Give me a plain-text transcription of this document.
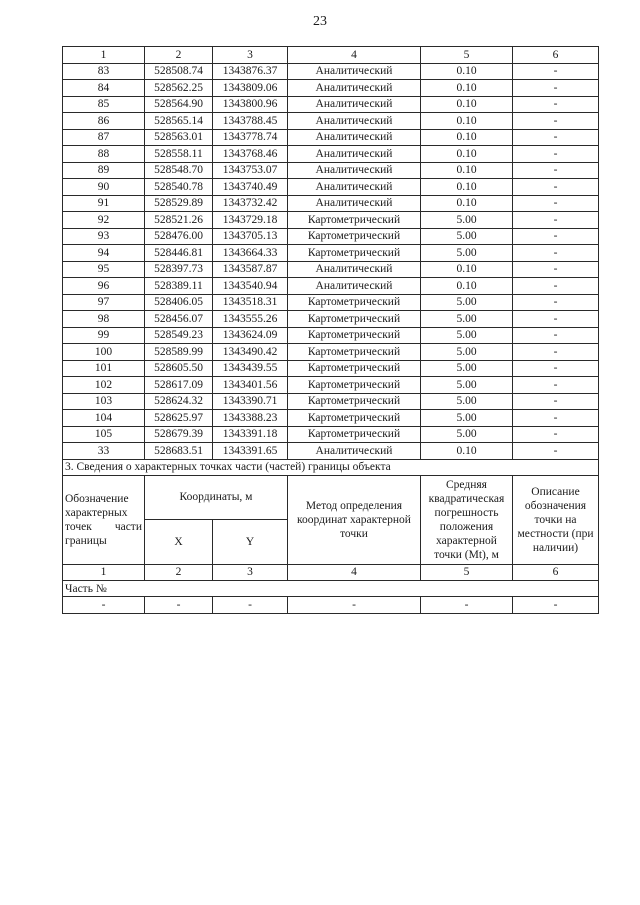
23
1	2	3	4	5	6
83	528508.74	1343876.37	Аналитический	0.10	-
84	528562.25	1343809.06	Аналитический	0.10	-
85	528564.90	1343800.96	Аналитический	0.10	-
86	528565.14	1343788.45	Аналитический	0.10	-
87	528563.01	1343778.74	Аналитический	0.10	-
88	528558.11	1343768.46	Аналитический	0.10	-
89	528548.70	1343753.07	Аналитический	0.10	-
90	528540.78	1343740.49	Аналитический	0.10	-
91	528529.89	1343732.42	Аналитический	0.10	-
92	528521.26	1343729.18	Картометрический	5.00	-
93	528476.00	1343705.13	Картометрический	5.00	-
94	528446.81	1343664.33	Картометрический	5.00	-
95	528397.73	1343587.87	Аналитический	0.10	-
96	528389.11	1343540.94	Аналитический	0.10	-
97	528406.05	1343518.31	Картометрический	5.00	-
98	528456.07	1343555.26	Картометрический	5.00	-
99	528549.23	1343624.09	Картометрический	5.00	-
100	528589.99	1343490.42	Картометрический	5.00	-
101	528605.50	1343439.55	Картометрический	5.00	-
102	528617.09	1343401.56	Картометрический	5.00	-
103	528624.32	1343390.71	Картометрический	5.00	-
104	528625.97	1343388.23	Картометрический	5.00	-
105	528679.39	1343391.18	Картометрический	5.00	-
33	528683.51	1343391.65	Аналитический	0.10	-
3. Сведения о характерных точках части (частей) границы объекта					
Обозначение характерных точек части границы	Координаты, м		Метод определения координат характерной точки	Средняя квадратическая погрешность положения характерной точки (Mt), м	Описание обозначения точки на местности (при наличии)
	X	Y			
1	2	3	4	5	6
Часть №					
-	-	-	-	-	-
